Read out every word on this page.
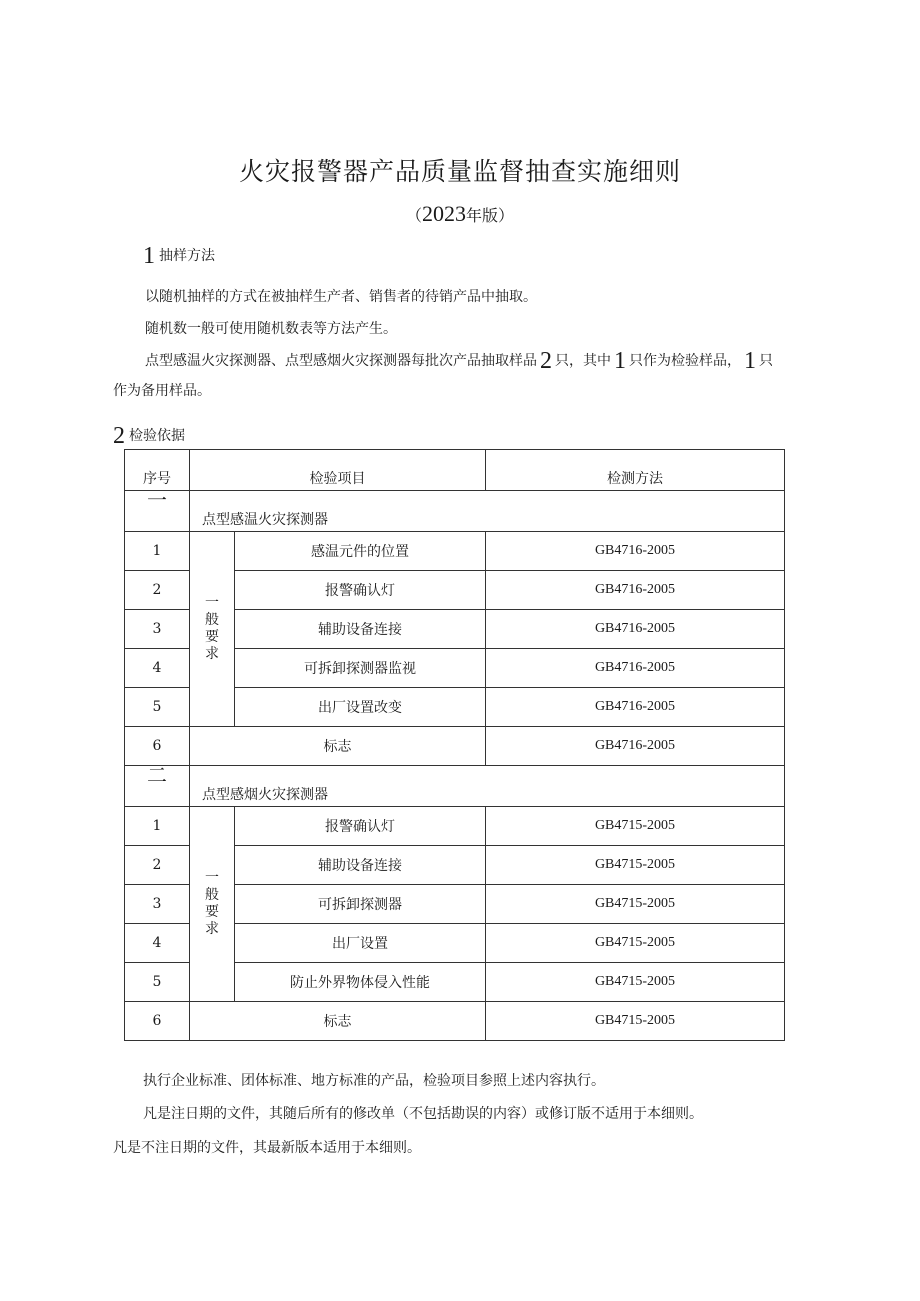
火灾报警器产品质量监督抽查实施细则
（2023年版）
1 抽样方法
以随机抽样的方式在被抽样生产者、销售者的待销产品中抽取。
随机数一般可使用随机数表等方法产生。
点型感温火灾探测器、点型感烟火灾探测器每批次产品抽取样品 2 只，其中 1 只作为检验样品， 1 只作为备用样品。
2 检验依据
序号	检验项目		检测方法
一	点型感温火灾探测器		
1	一般要求	感温元件的位置	GB4716-2005
2		报警确认灯	GB4716-2005
3		辅助设备连接	GB4716-2005
4		可拆卸探测器监视	GB4716-2005
5		出厂设置改变	GB4716-2005
6	标志		GB4716-2005
二	点型感烟火灾探测器		
1	一般要求	报警确认灯	GB4715-2005
2		辅助设备连接	GB4715-2005
3		可拆卸探测器	GB4715-2005
4		出厂设置	GB4715-2005
5		防止外界物体侵入性能	GB4715-2005
6	标志		GB4715-2005
执行企业标准、团体标准、地方标准的产品，检验项目参照上述内容执行。
凡是注日期的文件，其随后所有的修改单（不包括勘误的内容）或修订版不适用于本细则。
凡是不注日期的文件，其最新版本适用于本细则。
